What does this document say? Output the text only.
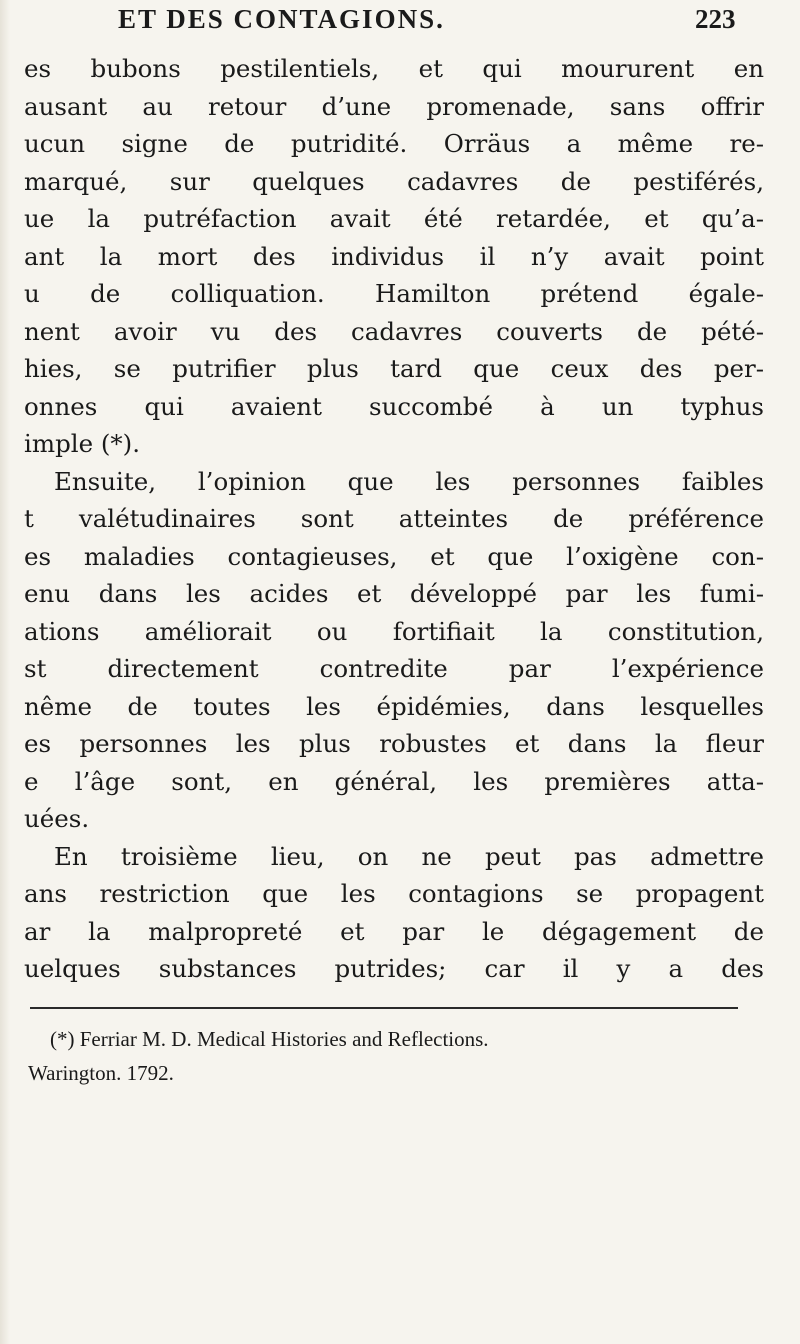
ET DES CONTAGIONS.	223
es bubons pestilentiels, et qui moururent en
ausant au retour d’une promenade, sans offrir
ucun signe de putridité. Orräus a même re-
marqué, sur quelques cadavres de pestiférés,
ue la putréfaction avait été retardée, et qu’a-
ant la mort des individus il n’y avait point
u de colliquation. Hamilton prétend égale-
nent avoir vu des cadavres couverts de pété-
hies, se putrifier plus tard que ceux des per-
onnes qui avaient succombé à un typhus
imple (*).
Ensuite, l’opinion que les personnes faibles
t valétudinaires sont atteintes de préférence
es maladies contagieuses, et que l’oxigène con-
enu dans les acides et développé par les fumi-
ations améliorait ou fortifiait la constitution,
st directement contredite par l’expérience
nême de toutes les épidémies, dans lesquelles
es personnes les plus robustes et dans la fleur
e l’âge sont, en général, les premières atta-
uées.
En troisième lieu, on ne peut pas admettre
ans restriction que les contagions se propagent
ar la malpropreté et par le dégagement de
uelques substances putrides; car il y a des
(*) Ferriar M. D. Medical Histories and Reflections.
Warington. 1792.
